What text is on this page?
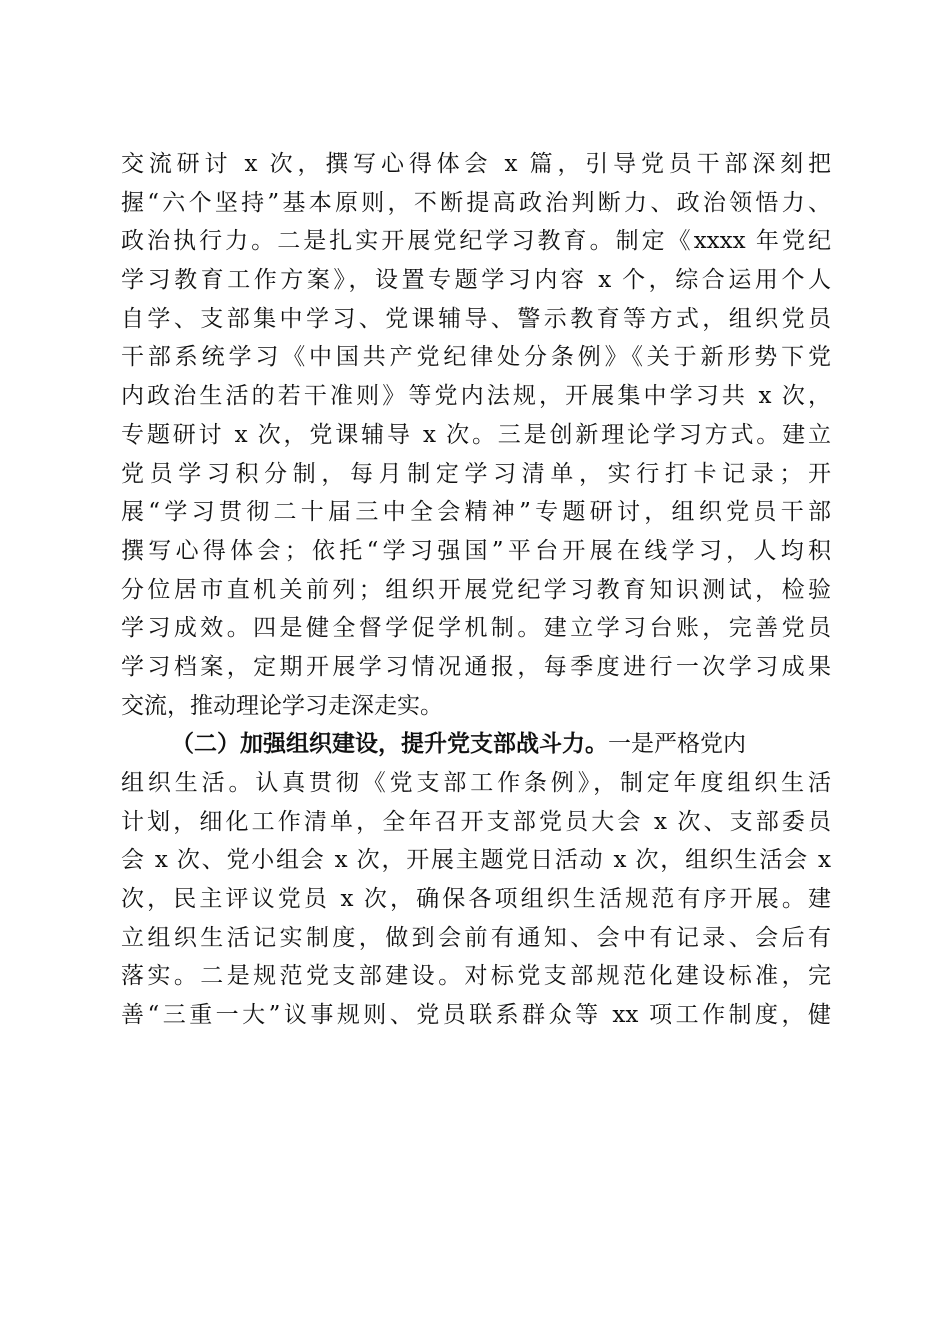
交流研讨 x 次，撰写心得体会 x 篇，引导党员干部深刻把
握“六个坚持”基本原则，不断提高政治判断力、政治领悟力、
政治执行力。二是扎实开展党纪学习教育。制定《xxxx 年党纪
学习教育工作方案》，设置专题学习内容 x 个，综合运用个人
自学、支部集中学习、党课辅导、警示教育等方式，组织党员
干部系统学习《中国共产党纪律处分条例》《关于新形势下党
内政治生活的若干准则》等党内法规，开展集中学习共 x 次，
专题研讨 x 次，党课辅导 x 次。三是创新理论学习方式。建立
党员学习积分制，每月制定学习清单，实行打卡记录；开
展“学习贯彻二十届三中全会精神”专题研讨，组织党员干部
撰写心得体会；依托“学习强国”平台开展在线学习，人均积
分位居市直机关前列；组织开展党纪学习教育知识测试，检验
学习成效。四是健全督学促学机制。建立学习台账，完善党员
学习档案，定期开展学习情况通报，每季度进行一次学习成果
交流，推动理论学习走深走实。
（二）加强组织建设，提升党支部战斗力。一是严格党内
组织生活。认真贯彻《党支部工作条例》，制定年度组织生活
计划，细化工作清单，全年召开支部党员大会 x 次、支部委员
会 x 次、党小组会 x 次，开展主题党日活动 x 次，组织生活会 x
次，民主评议党员 x 次，确保各项组织生活规范有序开展。建
立组织生活记实制度，做到会前有通知、会中有记录、会后有
落实。二是规范党支部建设。对标党支部规范化建设标准，完
善“三重一大”议事规则、党员联系群众等 xx 项工作制度，健
